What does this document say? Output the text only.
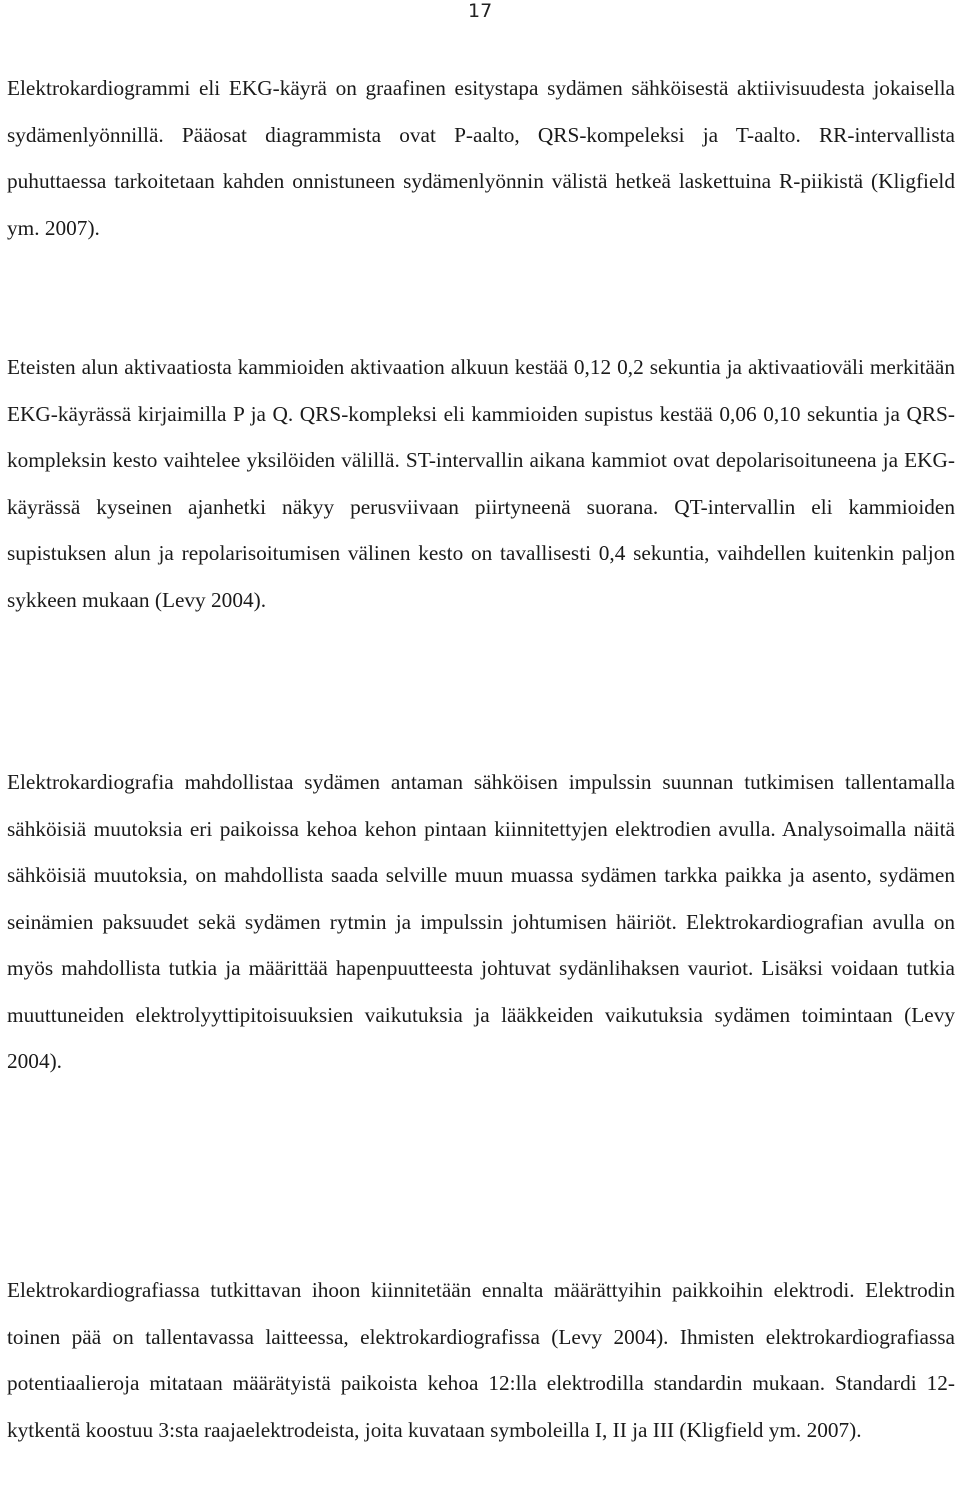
17

Elektrokardiogrammi eli EKG-käyrä on graafinen esitystapa sydämen sähköisestä aktiivisuudesta jokaisella sydämenlyönnillä. Pääosat diagrammista ovat P-aalto, QRS-kompeleksi ja T-aalto. RR-intervallista puhuttaessa tarkoitetaan kahden onnistuneen sydämenlyönnin välistä hetkeä laskettuina R-piikistä (Kligfield ym. 2007).

Eteisten alun aktivaatiosta kammioiden aktivaation alkuun kestää 0,12 0,2 sekuntia ja aktivaatioväli merkitään EKG-käyrässä kirjaimilla P ja Q. QRS-kompleksi eli kammioiden supistus kestää 0,06 0,10 sekuntia ja QRS-kompleksin kesto vaihtelee yksilöiden välillä. ST-intervallin aikana kammiot ovat depolarisoituneena ja EKG-käyrässä kyseinen ajanhetki näkyy perusviivaan piirtyneenä suorana. QT-intervallin eli kammioiden supistuksen alun ja repolarisoitumisen välinen kesto on tavallisesti 0,4 sekuntia, vaihdellen kuitenkin paljon sykkeen mukaan (Levy 2004).

Elektrokardiografia mahdollistaa sydämen antaman sähköisen impulssin suunnan tutkimisen tallentamalla sähköisiä muutoksia eri paikoissa kehoa kehon pintaan kiinnitettyjen elektrodien avulla. Analysoimalla näitä sähköisiä muutoksia, on mahdollista saada selville muun muassa sydämen tarkka paikka ja asento, sydämen seinämien paksuudet sekä sydämen rytmin ja impulssin johtumisen häiriöt. Elektrokardiografian avulla on myös mahdollista tutkia ja määrittää hapenpuutteesta johtuvat sydänlihaksen vauriot. Lisäksi voidaan tutkia muuttuneiden elektrolyyttipitoisuuksien vaikutuksia ja lääkkeiden vaikutuksia sydämen toimintaan (Levy 2004).

Elektrokardiografiassa tutkittavan ihoon kiinnitetään ennalta määrättyihin paikkoihin elektrodi. Elektrodin toinen pää on tallentavassa laitteessa, elektrokardiografissa (Levy 2004). Ihmisten elektrokardiografiassa potentiaalieroja mitataan määrätyistä paikoista kehoa 12:lla elektrodilla standardin mukaan. Standardi 12-kytkentä koostuu 3:sta raajaelektrodeista, joita kuvataan symboleilla I, II ja III (Kligfield ym. 2007).
